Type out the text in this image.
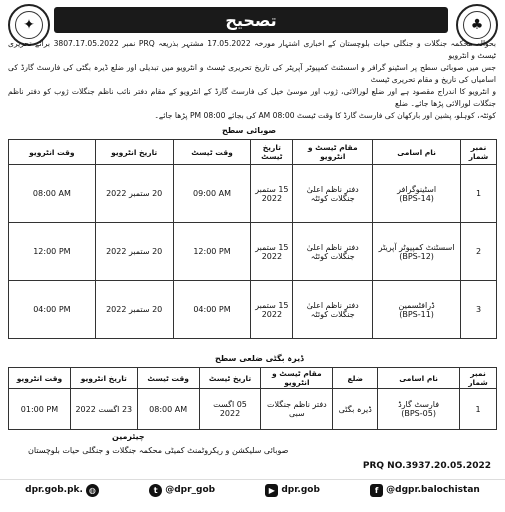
✦	تصحیح	♣

بحوالہ محکمہ جنگلات و جنگلی حیات بلوچستان کے اخباری اشتہار مورخہ 17.05.2022 مشتہر بذریعہ PRQ نمبر 3807.17.05.2022 برائے تحریری ٹیسٹ و انٹرویو

جس میں صوبائی سطح پر اسٹینو گرافر و اسسٹنٹ کمپیوٹر آپریٹر کی تاریخ تحریری ٹیسٹ و انٹرویو میں تبدیلی اور ضلع ڈیرہ بگٹی کی فارسٹ گارڈ کی اسامیاں کی تاریخ و مقام تحریری ٹیسٹ

و انٹرویو کا اندراج مقصود ہے اور ضلع لورالائی، ژوب اور موسیٰ خیل کی فارسٹ گارڈ کے انٹرویو کے مقام دفتر نائب ناظم جنگلات ژوب کو دفتر ناظم جنگلات لورالائی پڑھا جائے۔ ضلع

کوئٹہ، کوہلو، پشین اور بارکھان کی فارسٹ گارڈ کا وقت ٹیسٹ 08:00 AM کی بجائے 08:00 PM پڑھا جائے۔

صوبائی سطح
وقت انٹرویو	تاریخ انٹرویو	وقت ٹیسٹ	تاریخ ٹیسٹ	مقام ٹیسٹ و انٹرویو	نام اسامی	نمبر شمار
08:00 AM	20 ستمبر 2022	09:00 AM	15 ستمبر 2022	دفتر ناظم اعلیٰ جنگلات کوئٹہ	اسٹینوگرافر
(BPS-14)	1
12:00 PM	20 ستمبر 2022	12:00 PM	15 ستمبر 2022	دفتر ناظم اعلیٰ جنگلات کوئٹہ	اسسٹنٹ کمپیوٹر آپریٹر
(BPS-12)	2
04:00 PM	20 ستمبر 2022	04:00 PM	15 ستمبر 2022	دفتر ناظم اعلیٰ جنگلات کوئٹہ	ڈرافٹسمین
(BPS-11)	3
ڈیرہ بگٹی ضلعی سطح
وقت انٹرویو	تاریخ انٹرویو	وقت ٹیسٹ	تاریخ ٹیسٹ	مقام ٹیسٹ و انٹرویو	ضلع	نام اسامی	نمبر شمار
01:00 PM	23 اگست 2022	08:00 AM	05 اگست 2022	دفتر ناظم جنگلات سبی	ڈیرہ بگٹی	فارسٹ گارڈ
(BPS-05)	1
چیئرمین
صوبائی سلیکشن و ریکروٹمنٹ کمیٹی محکمہ جنگلات و جنگلی حیات بلوچستان
PRQ NO.3937.20.05.2022
dpr.gob.pk. ◍	t @dpr_gob	▶ dpr.gob	f @dgpr.balochistan
